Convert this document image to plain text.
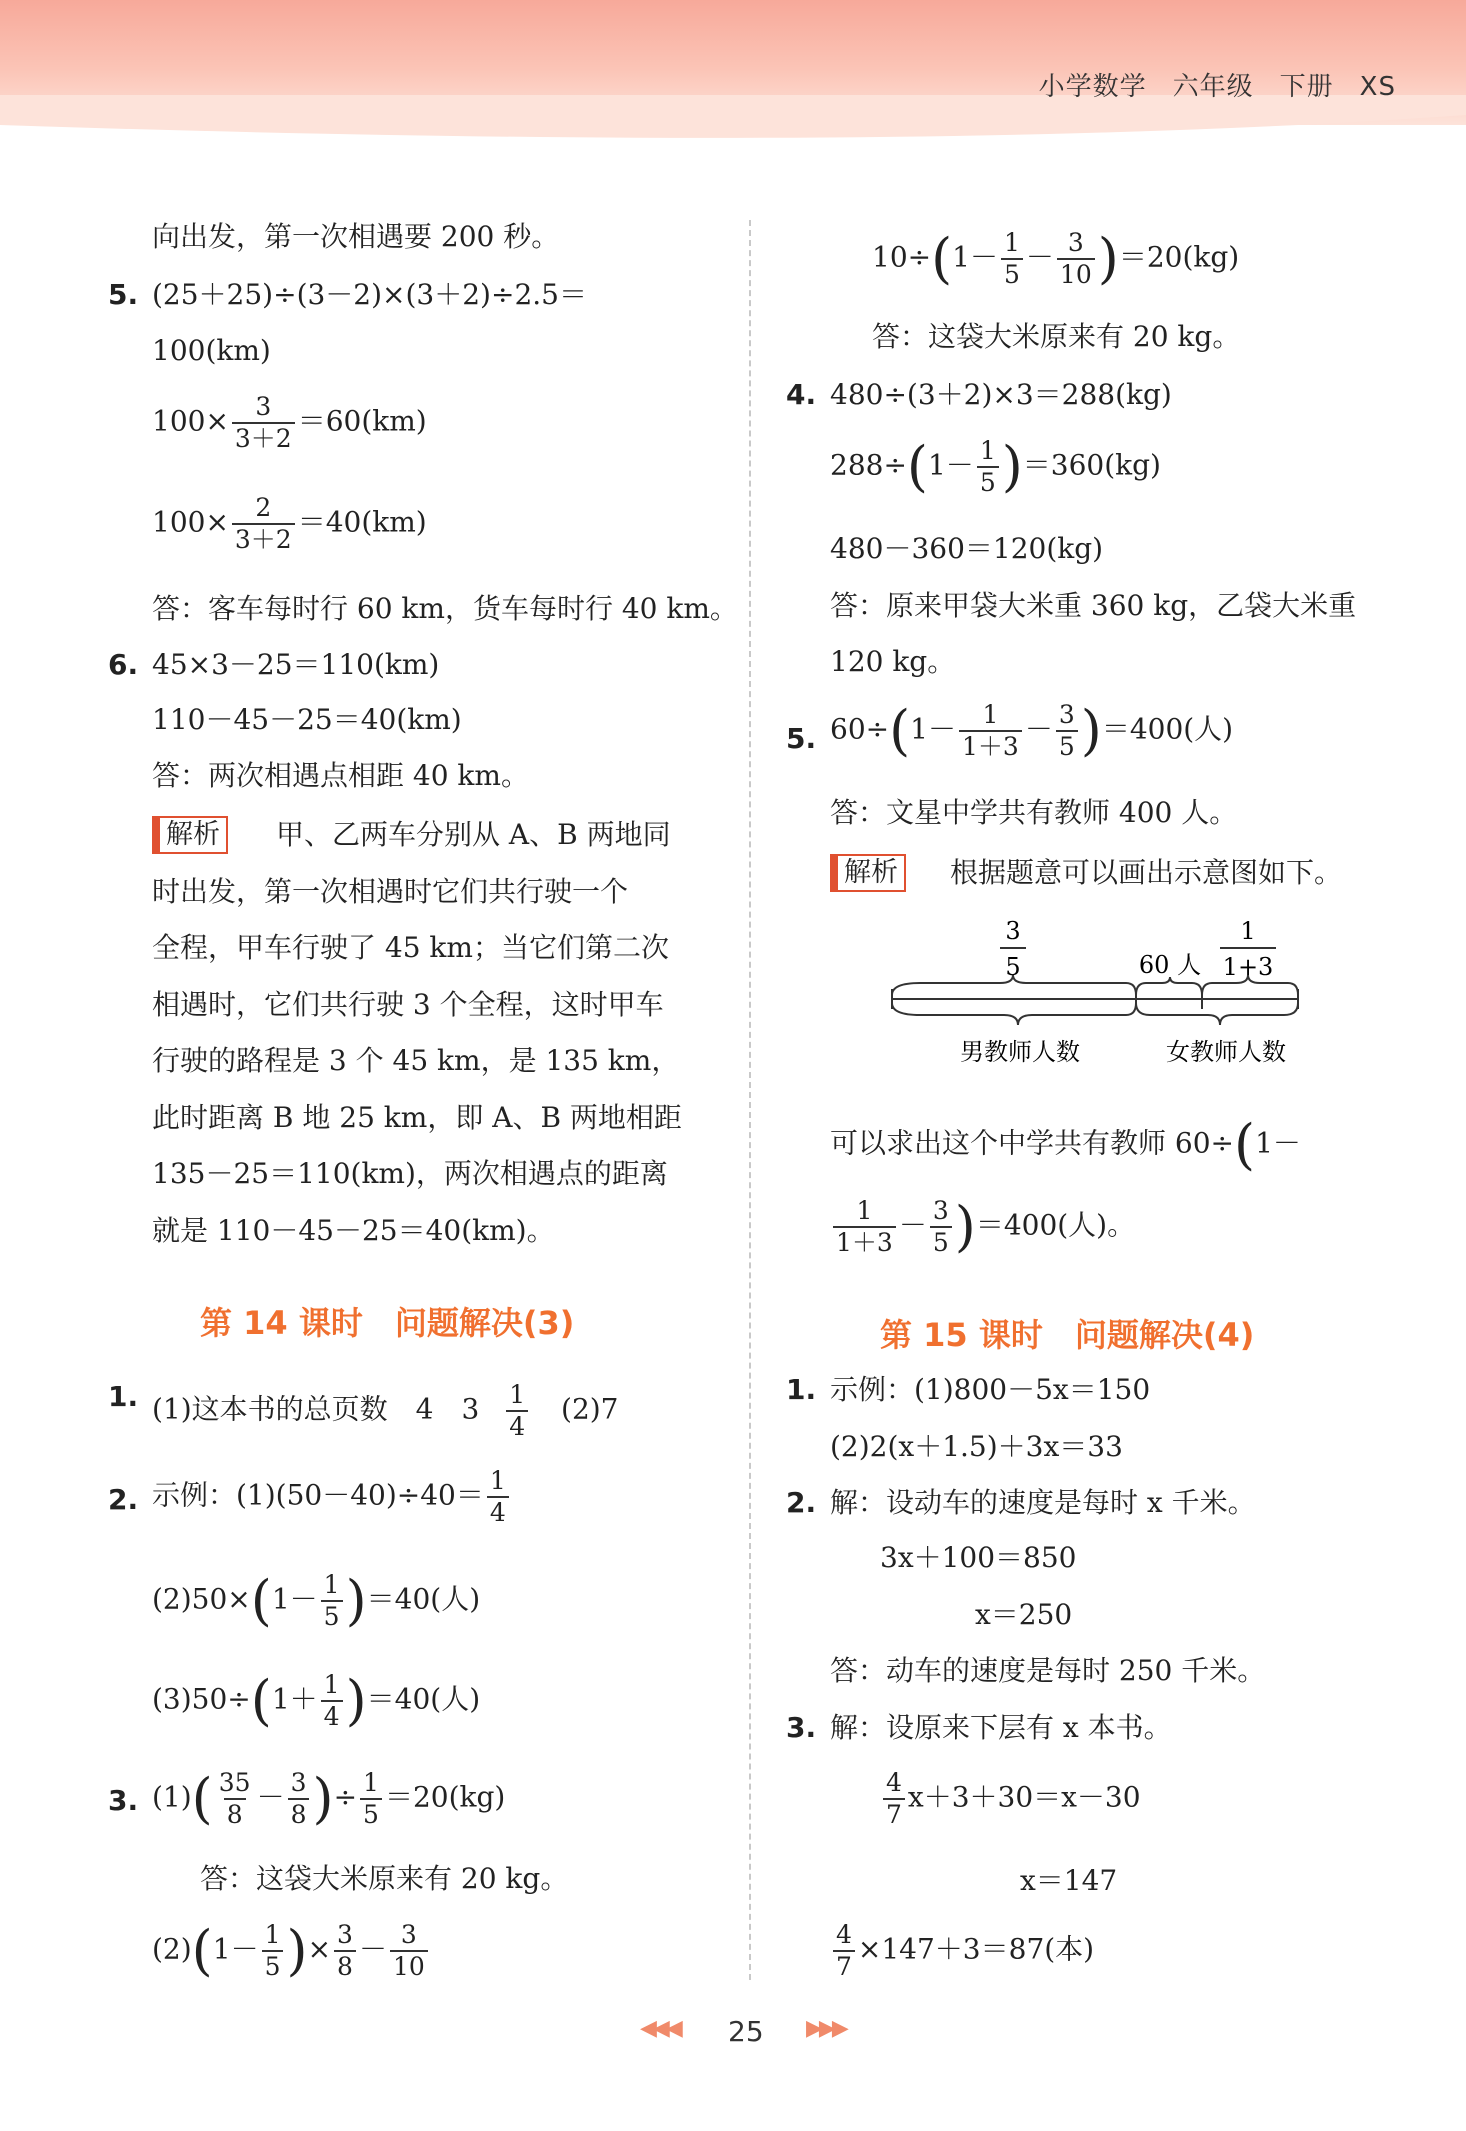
小学数学 六年级 下册 XS
向出发，第一次相遇要 200 秒。
5. (25＋25)÷(3－2)×(3＋2)÷2.5＝
100(km)
$100\times \frac{3}{3+2} =60(km)$
$100\times \frac{2}{3+2} =40(km)$
答：客车每时行 60 km，货车每时行 40 km。
6. 45×3－25＝110(km)
110－45－25＝40(km)
答：两次相遇点相距 40 km。
解析 甲、乙两车分别从 A、B 两地同
时出发，第一次相遇时它们共行驶一个
全程，甲车行驶了 45 km；当它们第二次
相遇时，它们共行驶 3 个全程，这时甲车
行驶的路程是 3 个 45 km，是 135 km，
此时距离 B 地 25 km，即 A、B 两地相距
135－25＝110(km)，两次相遇点的距离
就是 110－45－25＝40(km)。
第 14 课时　问题解决(3)
1. (1)这本书的总页数　4　$3 \frac{1}{4} (2)7$
2. 示例：$(1)(50-40)\div 40= \frac{1}{4}$
$(2)50\times(1- \frac{1}{5} )=40$(人)
$(3)50\div(1+ \frac{1}{4} )=40$(人)
3. $(1)( \frac{35}{8} - \frac{3}{8}$ )÷ $\frac{1}{5} =20(kg)$
答：这袋大米原来有 20 kg。
$(2)(1- \frac{1}{5}$ )× $\frac{3}{8} - \frac{3}{10}$
$10\div(1- \frac{1}{5} - \frac{3}{10} )=20(kg)$
答：这袋大米原来有 20 kg。
4. 480÷(3＋2)×3＝288(kg)
$288\div(1- \frac{1}{5} )=360(kg)$
480－360＝120(kg)
答：原来甲袋大米重 360 kg，乙袋大米重
120 kg。
5. $60\div(1- \frac{1}{1+3} - \frac{3}{5} )=400$(人)
答：文星中学共有教师 400 人。
解析 根据题意可以画出示意图如下。
3
5	60 人
1
1+3
男教师人数	女教师人数
可以求出这个中学共有教师 60÷(1－
$\frac{1}{1+3} - \frac{3}{5} )=400$(人)。
第 15 课时　问题解决(4)
1. 示例：(1)800－5x＝150
(2)2(x＋1.5)＋3x＝33
2. 解：设动车的速度是每时 x 千米。
3x＋100＝850
x＝250
答：动车的速度是每时 250 千米。
3. 解：设原来下层有 x 本书。
$\frac{4}{7} x+3+30=x-30$
x＝147
$\frac{4}{7} \times 147+3=87$(本)
◀◀◀ 25 ▶▶▶
